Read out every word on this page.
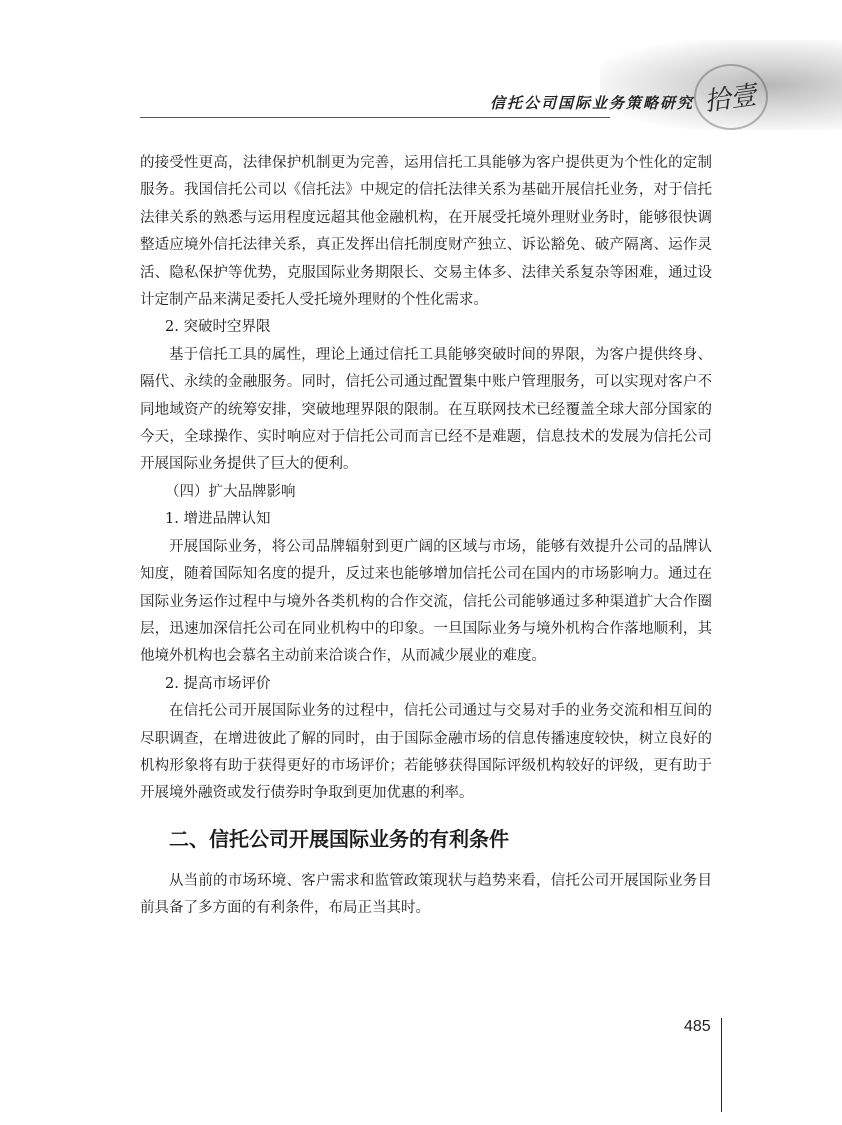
信托公司国际业务策略研究 拾壹

的接受性更高，法律保护机制更为完善，运用信托工具能够为客户提供更为个性化的定制服务。我国信托公司以《信托法》中规定的信托法律关系为基础开展信托业务，对于信托法律关系的熟悉与运用程度远超其他金融机构，在开展受托境外理财业务时，能够很快调整适应境外信托法律关系，真正发挥出信托制度财产独立、诉讼豁免、破产隔离、运作灵活、隐私保护等优势，克服国际业务期限长、交易主体多、法律关系复杂等困难，通过设计定制产品来满足委托人受托境外理财的个性化需求。

2. 突破时空界限

基于信托工具的属性，理论上通过信托工具能够突破时间的界限，为客户提供终身、隔代、永续的金融服务。同时，信托公司通过配置集中账户管理服务，可以实现对客户不同地域资产的统筹安排，突破地理界限的限制。在互联网技术已经覆盖全球大部分国家的今天，全球操作、实时响应对于信托公司而言已经不是难题，信息技术的发展为信托公司开展国际业务提供了巨大的便利。

（四）扩大品牌影响

1. 增进品牌认知

开展国际业务，将公司品牌辐射到更广阔的区域与市场，能够有效提升公司的品牌认知度，随着国际知名度的提升，反过来也能够增加信托公司在国内的市场影响力。通过在国际业务运作过程中与境外各类机构的合作交流，信托公司能够通过多种渠道扩大合作圈层，迅速加深信托公司在同业机构中的印象。一旦国际业务与境外机构合作落地顺利，其他境外机构也会慕名主动前来洽谈合作，从而减少展业的难度。

2. 提高市场评价

在信托公司开展国际业务的过程中，信托公司通过与交易对手的业务交流和相互间的尽职调查，在增进彼此了解的同时，由于国际金融市场的信息传播速度较快，树立良好的机构形象将有助于获得更好的市场评价；若能够获得国际评级机构较好的评级，更有助于开展境外融资或发行债券时争取到更加优惠的利率。

二、信托公司开展国际业务的有利条件

从当前的市场环境、客户需求和监管政策现状与趋势来看，信托公司开展国际业务目前具备了多方面的有利条件，布局正当其时。

485
